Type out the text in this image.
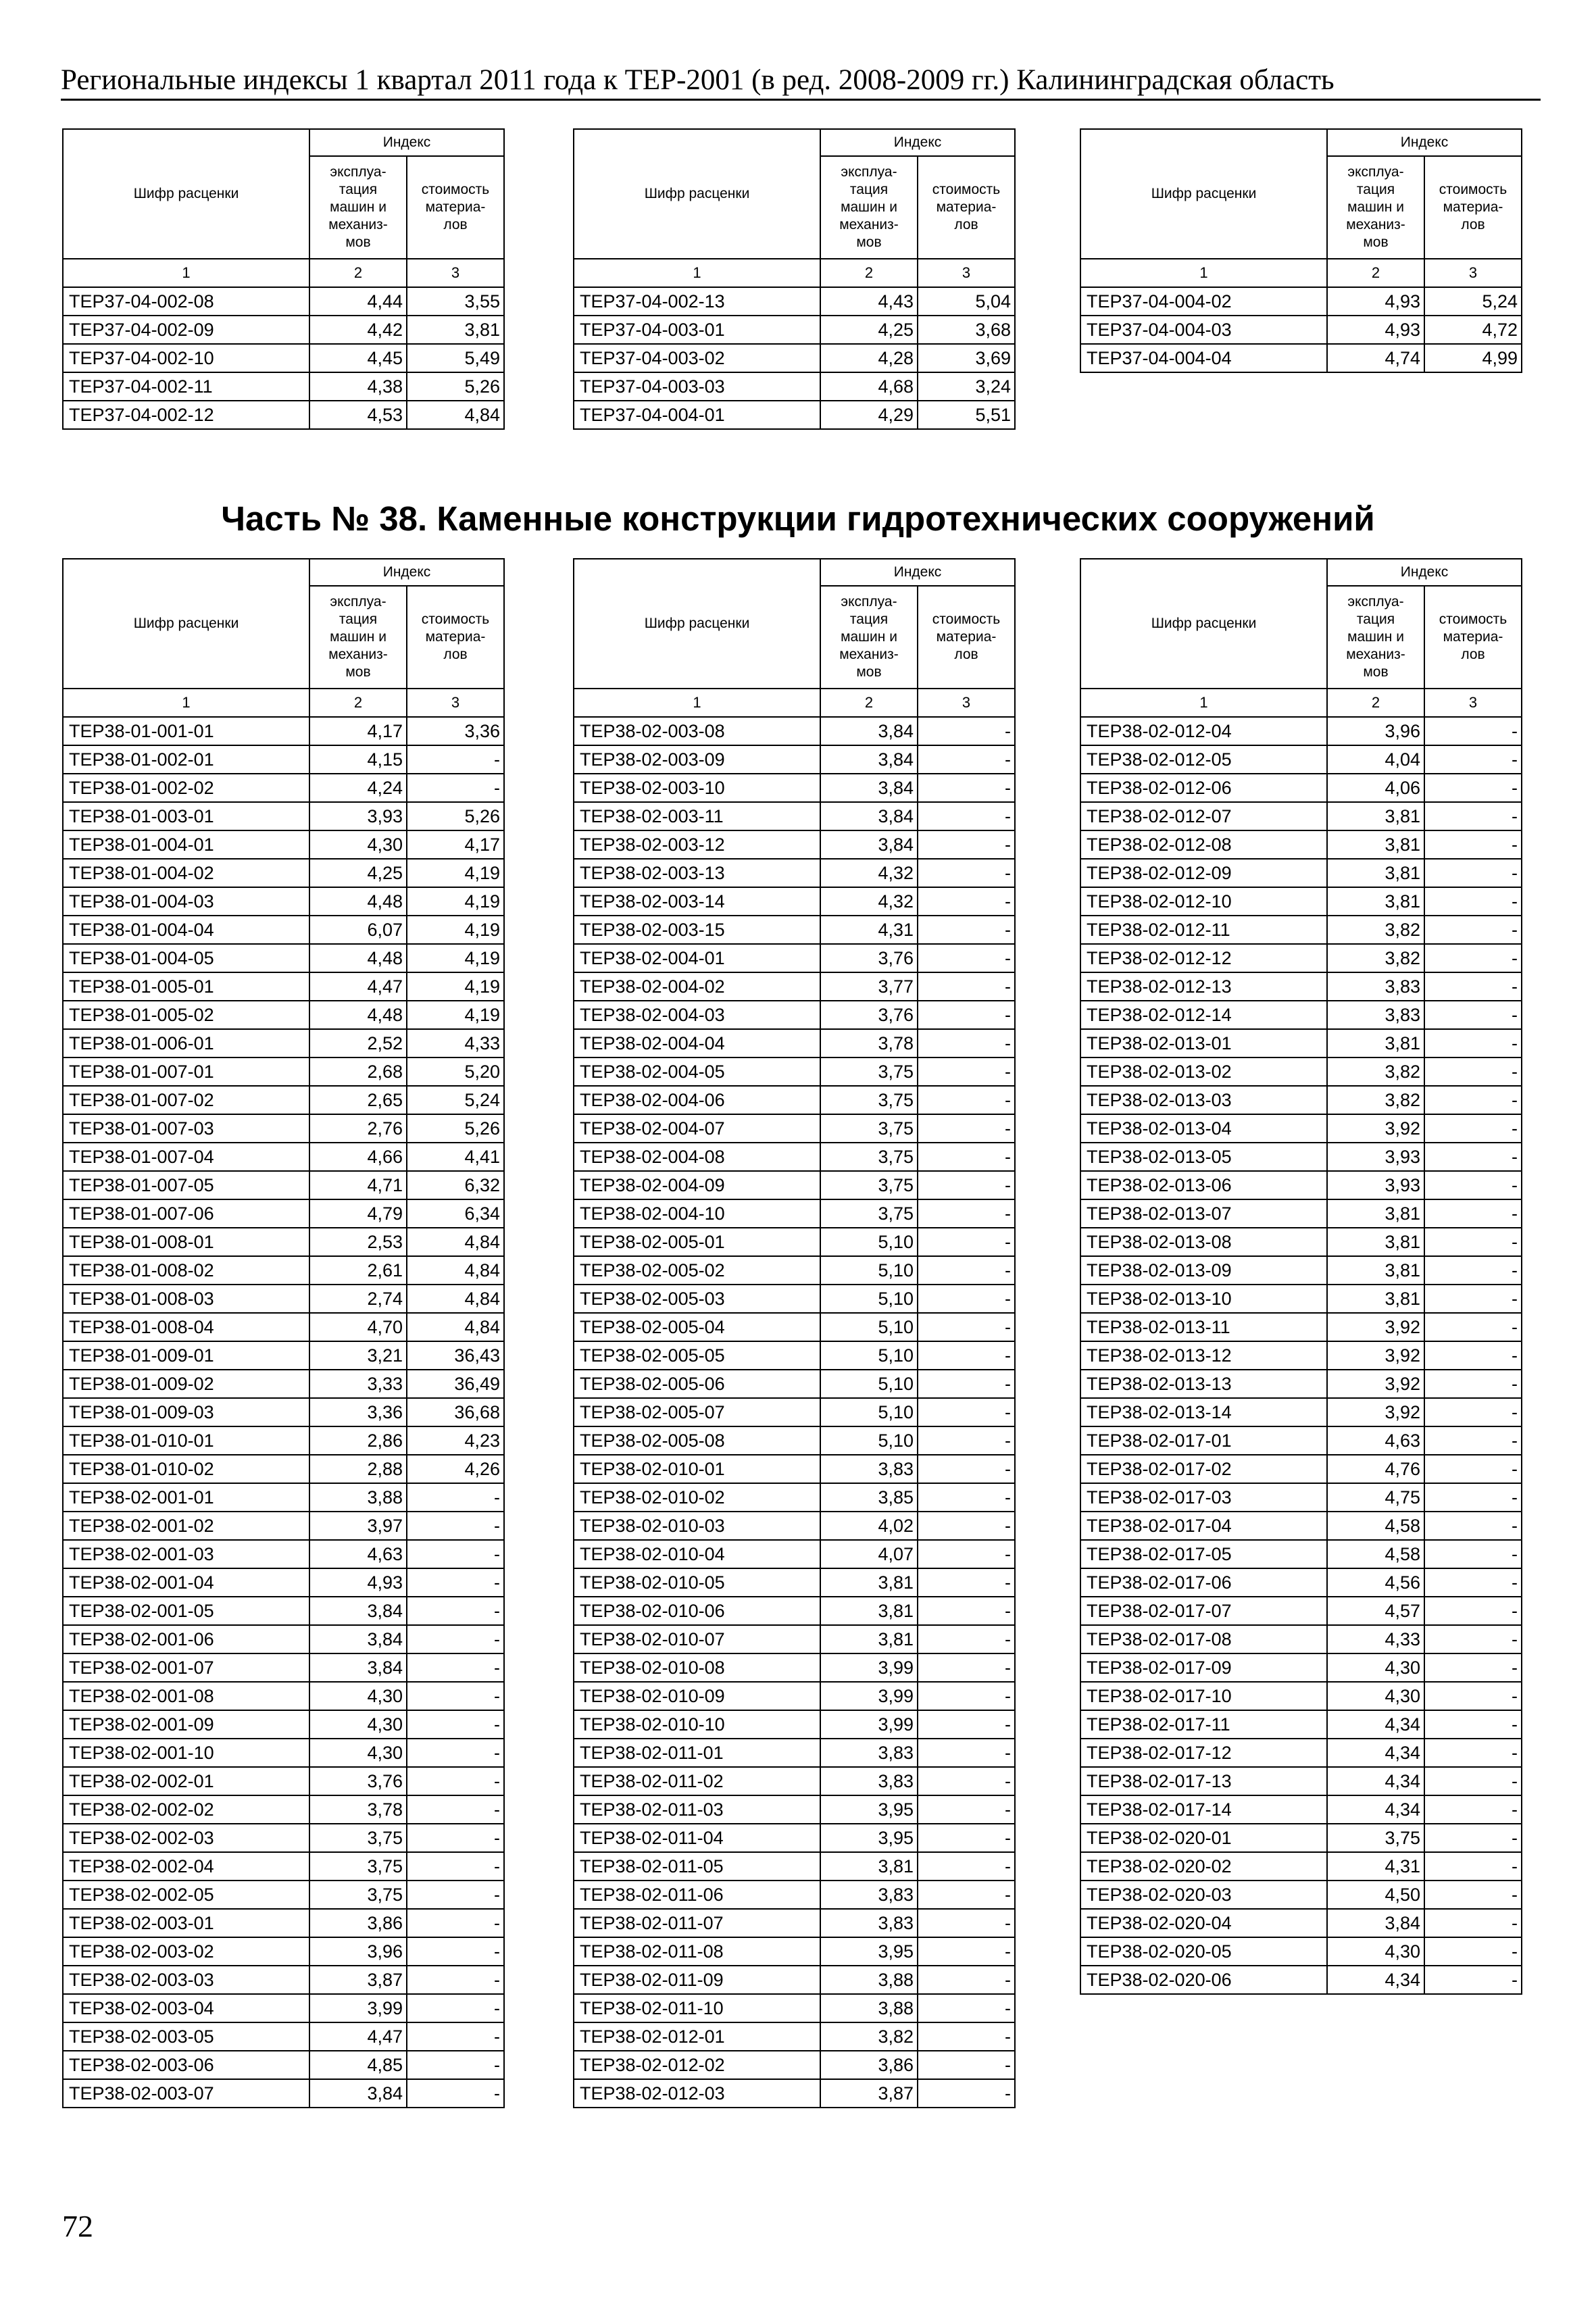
Региональные индексы 1 квартал 2011 года к ТЕР-2001 (в ред. 2008-2009 гг.) Калининградская область
Часть № 38. Каменные конструкции гидротехнических сооружений
72
Шифр расценки	Индекс	
	эксплуа-
тация
машин и
механиз-
мов	стоимость
материа-
лов
1	2	3
ТЕР37-04-002-08	4,44	3,55
ТЕР37-04-002-09	4,42	3,81
ТЕР37-04-002-10	4,45	5,49
ТЕР37-04-002-11	4,38	5,26
ТЕР37-04-002-12	4,53	4,84
Шифр расценки	Индекс	
	эксплуа-
тация
машин и
механиз-
мов	стоимость
материа-
лов
1	2	3
ТЕР37-04-002-13	4,43	5,04
ТЕР37-04-003-01	4,25	3,68
ТЕР37-04-003-02	4,28	3,69
ТЕР37-04-003-03	4,68	3,24
ТЕР37-04-004-01	4,29	5,51
Шифр расценки	Индекс	
	эксплуа-
тация
машин и
механиз-
мов	стоимость
материа-
лов
1	2	3
ТЕР37-04-004-02	4,93	5,24
ТЕР37-04-004-03	4,93	4,72
ТЕР37-04-004-04	4,74	4,99
Шифр расценки	Индекс	
	эксплуа-
тация
машин и
механиз-
мов	стоимость
материа-
лов
1	2	3
ТЕР38-01-001-01	4,17	3,36
ТЕР38-01-002-01	4,15	-
ТЕР38-01-002-02	4,24	-
ТЕР38-01-003-01	3,93	5,26
ТЕР38-01-004-01	4,30	4,17
ТЕР38-01-004-02	4,25	4,19
ТЕР38-01-004-03	4,48	4,19
ТЕР38-01-004-04	6,07	4,19
ТЕР38-01-004-05	4,48	4,19
ТЕР38-01-005-01	4,47	4,19
ТЕР38-01-005-02	4,48	4,19
ТЕР38-01-006-01	2,52	4,33
ТЕР38-01-007-01	2,68	5,20
ТЕР38-01-007-02	2,65	5,24
ТЕР38-01-007-03	2,76	5,26
ТЕР38-01-007-04	4,66	4,41
ТЕР38-01-007-05	4,71	6,32
ТЕР38-01-007-06	4,79	6,34
ТЕР38-01-008-01	2,53	4,84
ТЕР38-01-008-02	2,61	4,84
ТЕР38-01-008-03	2,74	4,84
ТЕР38-01-008-04	4,70	4,84
ТЕР38-01-009-01	3,21	36,43
ТЕР38-01-009-02	3,33	36,49
ТЕР38-01-009-03	3,36	36,68
ТЕР38-01-010-01	2,86	4,23
ТЕР38-01-010-02	2,88	4,26
ТЕР38-02-001-01	3,88	-
ТЕР38-02-001-02	3,97	-
ТЕР38-02-001-03	4,63	-
ТЕР38-02-001-04	4,93	-
ТЕР38-02-001-05	3,84	-
ТЕР38-02-001-06	3,84	-
ТЕР38-02-001-07	3,84	-
ТЕР38-02-001-08	4,30	-
ТЕР38-02-001-09	4,30	-
ТЕР38-02-001-10	4,30	-
ТЕР38-02-002-01	3,76	-
ТЕР38-02-002-02	3,78	-
ТЕР38-02-002-03	3,75	-
ТЕР38-02-002-04	3,75	-
ТЕР38-02-002-05	3,75	-
ТЕР38-02-003-01	3,86	-
ТЕР38-02-003-02	3,96	-
ТЕР38-02-003-03	3,87	-
ТЕР38-02-003-04	3,99	-
ТЕР38-02-003-05	4,47	-
ТЕР38-02-003-06	4,85	-
ТЕР38-02-003-07	3,84	-
Шифр расценки	Индекс	
	эксплуа-
тация
машин и
механиз-
мов	стоимость
материа-
лов
1	2	3
ТЕР38-02-003-08	3,84	-
ТЕР38-02-003-09	3,84	-
ТЕР38-02-003-10	3,84	-
ТЕР38-02-003-11	3,84	-
ТЕР38-02-003-12	3,84	-
ТЕР38-02-003-13	4,32	-
ТЕР38-02-003-14	4,32	-
ТЕР38-02-003-15	4,31	-
ТЕР38-02-004-01	3,76	-
ТЕР38-02-004-02	3,77	-
ТЕР38-02-004-03	3,76	-
ТЕР38-02-004-04	3,78	-
ТЕР38-02-004-05	3,75	-
ТЕР38-02-004-06	3,75	-
ТЕР38-02-004-07	3,75	-
ТЕР38-02-004-08	3,75	-
ТЕР38-02-004-09	3,75	-
ТЕР38-02-004-10	3,75	-
ТЕР38-02-005-01	5,10	-
ТЕР38-02-005-02	5,10	-
ТЕР38-02-005-03	5,10	-
ТЕР38-02-005-04	5,10	-
ТЕР38-02-005-05	5,10	-
ТЕР38-02-005-06	5,10	-
ТЕР38-02-005-07	5,10	-
ТЕР38-02-005-08	5,10	-
ТЕР38-02-010-01	3,83	-
ТЕР38-02-010-02	3,85	-
ТЕР38-02-010-03	4,02	-
ТЕР38-02-010-04	4,07	-
ТЕР38-02-010-05	3,81	-
ТЕР38-02-010-06	3,81	-
ТЕР38-02-010-07	3,81	-
ТЕР38-02-010-08	3,99	-
ТЕР38-02-010-09	3,99	-
ТЕР38-02-010-10	3,99	-
ТЕР38-02-011-01	3,83	-
ТЕР38-02-011-02	3,83	-
ТЕР38-02-011-03	3,95	-
ТЕР38-02-011-04	3,95	-
ТЕР38-02-011-05	3,81	-
ТЕР38-02-011-06	3,83	-
ТЕР38-02-011-07	3,83	-
ТЕР38-02-011-08	3,95	-
ТЕР38-02-011-09	3,88	-
ТЕР38-02-011-10	3,88	-
ТЕР38-02-012-01	3,82	-
ТЕР38-02-012-02	3,86	-
ТЕР38-02-012-03	3,87	-
Шифр расценки	Индекс	
	эксплуа-
тация
машин и
механиз-
мов	стоимость
материа-
лов
1	2	3
ТЕР38-02-012-04	3,96	-
ТЕР38-02-012-05	4,04	-
ТЕР38-02-012-06	4,06	-
ТЕР38-02-012-07	3,81	-
ТЕР38-02-012-08	3,81	-
ТЕР38-02-012-09	3,81	-
ТЕР38-02-012-10	3,81	-
ТЕР38-02-012-11	3,82	-
ТЕР38-02-012-12	3,82	-
ТЕР38-02-012-13	3,83	-
ТЕР38-02-012-14	3,83	-
ТЕР38-02-013-01	3,81	-
ТЕР38-02-013-02	3,82	-
ТЕР38-02-013-03	3,82	-
ТЕР38-02-013-04	3,92	-
ТЕР38-02-013-05	3,93	-
ТЕР38-02-013-06	3,93	-
ТЕР38-02-013-07	3,81	-
ТЕР38-02-013-08	3,81	-
ТЕР38-02-013-09	3,81	-
ТЕР38-02-013-10	3,81	-
ТЕР38-02-013-11	3,92	-
ТЕР38-02-013-12	3,92	-
ТЕР38-02-013-13	3,92	-
ТЕР38-02-013-14	3,92	-
ТЕР38-02-017-01	4,63	-
ТЕР38-02-017-02	4,76	-
ТЕР38-02-017-03	4,75	-
ТЕР38-02-017-04	4,58	-
ТЕР38-02-017-05	4,58	-
ТЕР38-02-017-06	4,56	-
ТЕР38-02-017-07	4,57	-
ТЕР38-02-017-08	4,33	-
ТЕР38-02-017-09	4,30	-
ТЕР38-02-017-10	4,30	-
ТЕР38-02-017-11	4,34	-
ТЕР38-02-017-12	4,34	-
ТЕР38-02-017-13	4,34	-
ТЕР38-02-017-14	4,34	-
ТЕР38-02-020-01	3,75	-
ТЕР38-02-020-02	4,31	-
ТЕР38-02-020-03	4,50	-
ТЕР38-02-020-04	3,84	-
ТЕР38-02-020-05	4,30	-
ТЕР38-02-020-06	4,34	-
